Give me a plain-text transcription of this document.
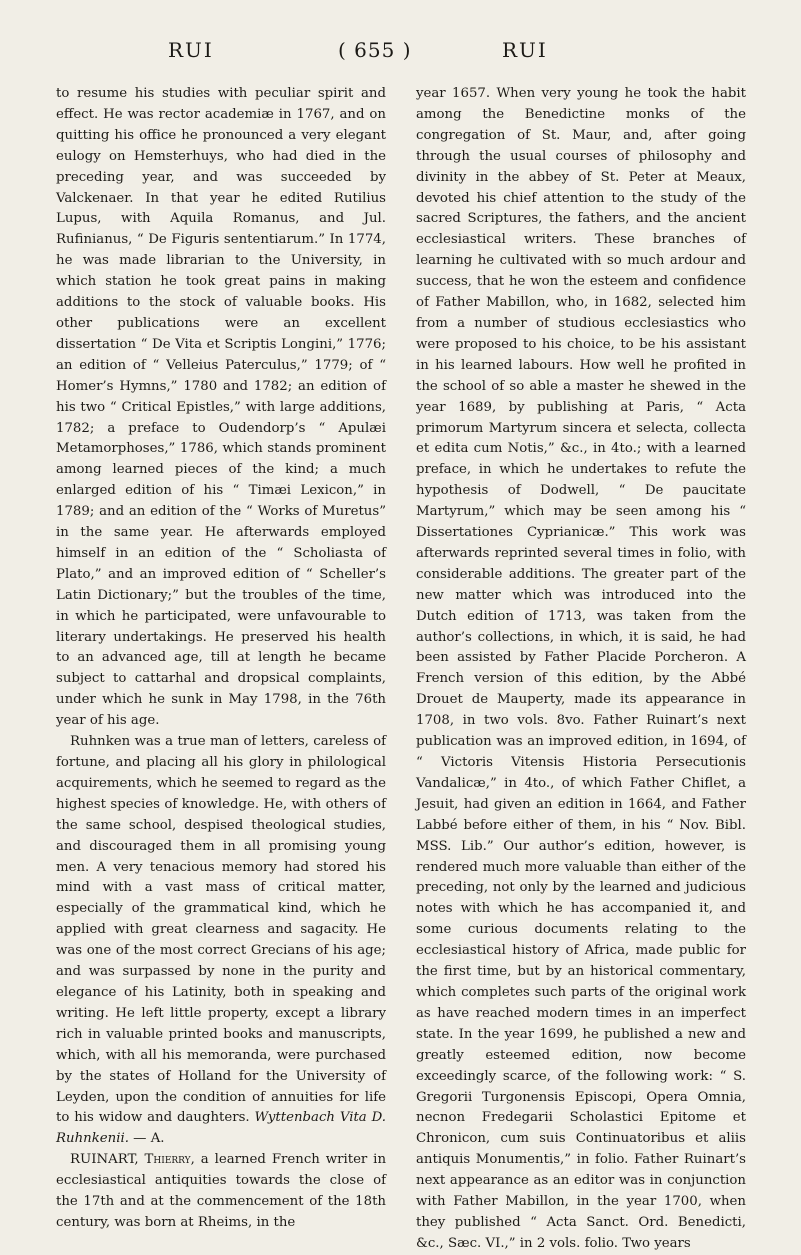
RUI	( 655 )	RUI

to resume his studies with peculiar spirit and effect. He was rector academiæ in 1767, and on quitting his office he pronounced a very elegant eulogy on Hemsterhuys, who had died in the preceding year, and was succeeded by Valckenaer. In that year he edited Rutilius Lupus, with Aquila Romanus, and Jul. Rufinianus, “ De Figuris sententiarum.” In 1774, he was made librarian to the University, in which station he took great pains in making additions to the stock of valuable books. His other publications were an excellent dissertation “ De Vita et Scriptis Longini,” 1776; an edition of “ Velleius Paterculus,” 1779; of “ Homer’s Hymns,” 1780 and 1782; an edition of his two “ Critical Epistles,” with large additions, 1782; a preface to Oudendorp’s “ Apulæi Metamorphoses,” 1786, which stands prominent among learned pieces of the kind; a much enlarged edition of his “ Timæi Lexicon,” in 1789; and an edition of the “ Works of Muretus” in the same year. He afterwards employed himself in an edition of the “ Scholiasta of Plato,” and an improved edition of “ Scheller’s Latin Dictionary;” but the troubles of the time, in which he participated, were unfavourable to literary undertakings. He preserved his health to an advanced age, till at length he became subject to cattarhal and dropsical complaints, under which he sunk in May 1798, in the 76th year of his age.

Ruhnken was a true man of letters, careless of fortune, and placing all his glory in philological acquirements, which he seemed to regard as the highest species of knowledge. He, with others of the same school, despised theological studies, and discouraged them in all promising young men. A very tenacious memory had stored his mind with a vast mass of critical matter, especially of the grammatical kind, which he applied with great clearness and sagacity. He was one of the most correct Grecians of his age; and was surpassed by none in the purity and elegance of his Latinity, both in speaking and writing. He left little property, except a library rich in valuable printed books and manuscripts, which, with all his memoranda, were purchased by the states of Holland for the University of Leyden, upon the condition of annuities for life to his widow and daughters. Wyttenbach Vita D. Ruhnkenii. — A.

RUINART, Thierry, a learned French writer in ecclesiastical antiquities towards the close of the 17th and at the commencement of the 18th century, was born at Rheims, in the

year 1657. When very young he took the habit among the Benedictine monks of the congregation of St. Maur, and, after going through the usual courses of philosophy and divinity in the abbey of St. Peter at Meaux, devoted his chief attention to the study of the sacred Scriptures, the fathers, and the ancient ecclesiastical writers. These branches of learning he cultivated with so much ardour and success, that he won the esteem and confidence of Father Mabillon, who, in 1682, selected him from a number of studious ecclesiastics who were proposed to his choice, to be his assistant in his learned labours. How well he profited in the school of so able a master he shewed in the year 1689, by publishing at Paris, “ Acta primorum Martyrum sincera et selecta, collecta et edita cum Notis,” &c., in 4to.; with a learned preface, in which he undertakes to refute the hypothesis of Dodwell, “ De paucitate Martyrum,” which may be seen among his “ Dissertationes Cyprianicæ.” This work was afterwards reprinted several times in folio, with considerable additions. The greater part of the new matter which was introduced into the Dutch edition of 1713, was taken from the author’s collections, in which, it is said, he had been assisted by Father Placide Porcheron. A French version of this edition, by the Abbé Drouet de Mauperty, made its appearance in 1708, in two vols. 8vo. Father Ruinart’s next publication was an improved edition, in 1694, of “ Victoris Vitensis Historia Persecutionis Vandalicæ,” in 4to., of which Father Chiflet, a Jesuit, had given an edition in 1664, and Father Labbé before either of them, in his “ Nov. Bibl. MSS. Lib.” Our author’s edition, however, is rendered much more valuable than either of the preceding, not only by the learned and judicious notes with which he has accompanied it, and some curious documents relating to the ecclesiastical history of Africa, made public for the first time, but by an historical commentary, which completes such parts of the original work as have reached modern times in an imperfect state. In the year 1699, he published a new and greatly esteemed edition, now become exceedingly scarce, of the following work: “ S. Gregorii Turgonensis Episcopi, Opera Omnia, necnon Fredegarii Scholastici Epitome et Chronicon, cum suis Continuatoribus et aliis antiquis Monumentis,” in folio. Father Ruinart’s next appearance as an editor was in conjunction with Father Mabillon, in the year 1700, when they published “ Acta Sanct. Ord. Benedicti, &c., Sæc. VI.,” in 2 vols. folio. Two years
